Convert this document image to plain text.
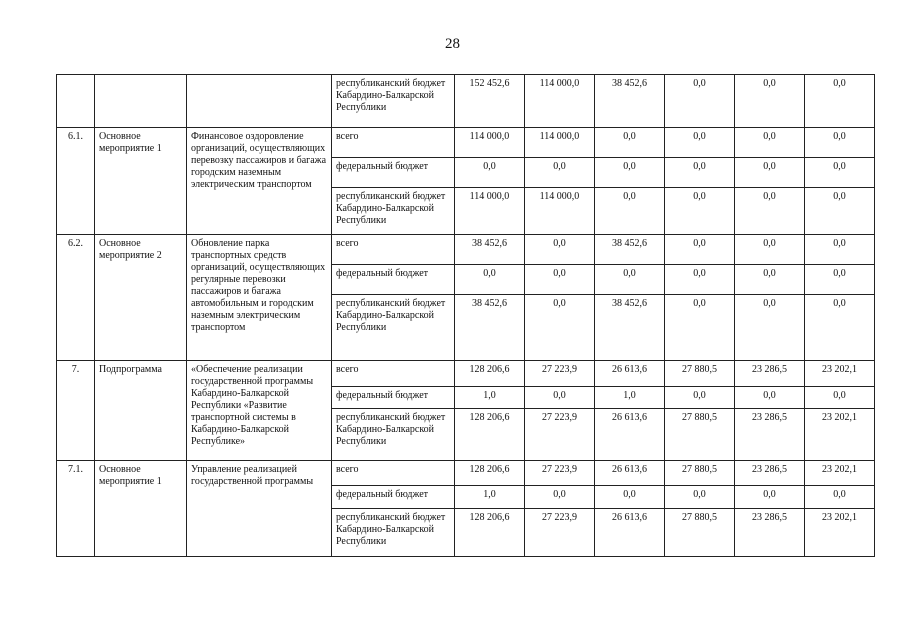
28
			республиканский бюджет Кабардино-Балкарской Республики	152 452,6	114 000,0	38 452,6	0,0	0,0	0,0
6.1.	Основное мероприятие 1	Финансовое оздоровление организаций, осуществляющих перевозку пассажиров и багажа городским наземным электрическим транспортом	всего	114 000,0	114 000,0	0,0	0,0	0,0	0,0
			федеральный бюджет	0,0	0,0	0,0	0,0	0,0	0,0
			республиканский бюджет Кабардино-Балкарской Республики	114 000,0	114 000,0	0,0	0,0	0,0	0,0
6.2.	Основное мероприятие 2	Обновление парка транспортных средств организаций, осуществляющих регулярные перевозки пассажиров и багажа автомобильным и городским наземным электрическим транспортом	всего	38 452,6	0,0	38 452,6	0,0	0,0	0,0
			федеральный бюджет	0,0	0,0	0,0	0,0	0,0	0,0
			республиканский бюджет Кабардино-Балкарской Республики	38 452,6	0,0	38 452,6	0,0	0,0	0,0
7.	Подпрограмма	«Обеспечение реализации государственной программы Кабардино-Балкарской Республики «Развитие транспортной системы в Кабардино-Балкарской Республике»	всего	128 206,6	27 223,9	26 613,6	27 880,5	23 286,5	23 202,1
			федеральный бюджет	1,0	0,0	1,0	0,0	0,0	0,0
			республиканский бюджет Кабардино-Балкарской Республики	128 206,6	27 223,9	26 613,6	27 880,5	23 286,5	23 202,1
7.1.	Основное мероприятие 1	Управление реализацией государственной программы	всего	128 206,6	27 223,9	26 613,6	27 880,5	23 286,5	23 202,1
			федеральный бюджет	1,0	0,0	0,0	0,0	0,0	0,0
			республиканский бюджет Кабардино-Балкарской Республики	128 206,6	27 223,9	26 613,6	27 880,5	23 286,5	23 202,1
